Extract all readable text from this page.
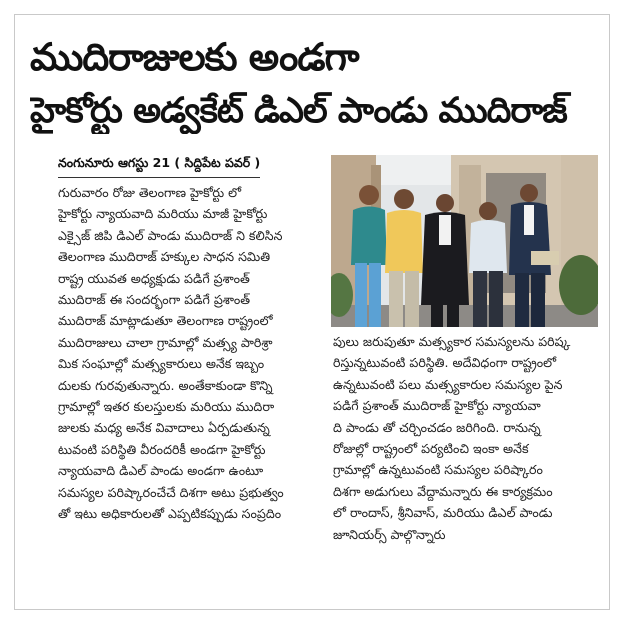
ముదిరాజులకు అండగా
హైకోర్టు అడ్వకేట్ డిఎల్ పాండు ముదిరాజ్
నంగునూరు ఆగస్టు 21 ( సిద్దిపేట పవర్ )
గురువారం రోజు తెలంగాణ హైకోర్టు లో
హైకోర్టు న్యాయవాది మరియు మాజీ హైకోర్టు
ఎక్సైజ్ జిపి డిఎల్ పాండు ముదిరాజ్ ని కలిసిన
తెలంగాణ ముదిరాజ్ హక్కుల సాధన సమితి
రాష్ట్ర యువత అధ్యక్షుడు పడిగే ప్రశాంత్
ముదిరాజ్ ఈ సందర్భంగా పడిగే ప్రశాంత్
ముదిరాజ్ మాట్లాడుతూ తెలంగాణ రాష్ట్రంలో
ముదిరాజులు చాలా గ్రామాల్లో మత్స్య పారిశ్రా
మిక సంఘాల్లో మత్స్యకారులు అనేక ఇబ్బం
దులకు గురవుతున్నారు. అంతేకాకుండా కొన్ని
గ్రామాల్లో ఇతర కులస్తులకు మరియు ముదిరా
జులకు మధ్య అనేక వివాదాలు ఏర్పడుతున్న
టువంటి పరిస్థితి వీరందరికీ అండగా హైకోర్టు
న్యాయవాది డిఎల్ పాండు అండగా ఉంటూ
సమస్యల పరిష్కారంచేచే దిశగా అటు ప్రభుత్వం
తో ఇటు అధికారులతో ఎప్పటికప్పుడు సంప్రదిం
పులు జరుపుతూ మత్స్యకార సమస్యలను పరిష్క
రిస్తున్నటువంటి పరిస్థితి. అదేవిధంగా రాష్ట్రంలో
ఉన్నటువంటి పలు మత్స్యకారుల సమస్యల పైన
పడిగే ప్రశాంత్ ముదిరాజ్ హైకోర్టు న్యాయవా
ది పాండు తో చర్చించడం జరిగింది. రానున్న
రోజుల్లో రాష్ట్రంలో పర్యటించి ఇంకా అనేక
గ్రామాల్లో ఉన్నటువంటి సమస్యల పరిష్కారం
దిశగా అడుగులు వేద్దామన్నారు ఈ కార్యక్రమం
లో రాందాస్, శ్రీనివాస్, మరియు డిఎల్ పాండు
జూనియర్స్ పాల్గొన్నారు
